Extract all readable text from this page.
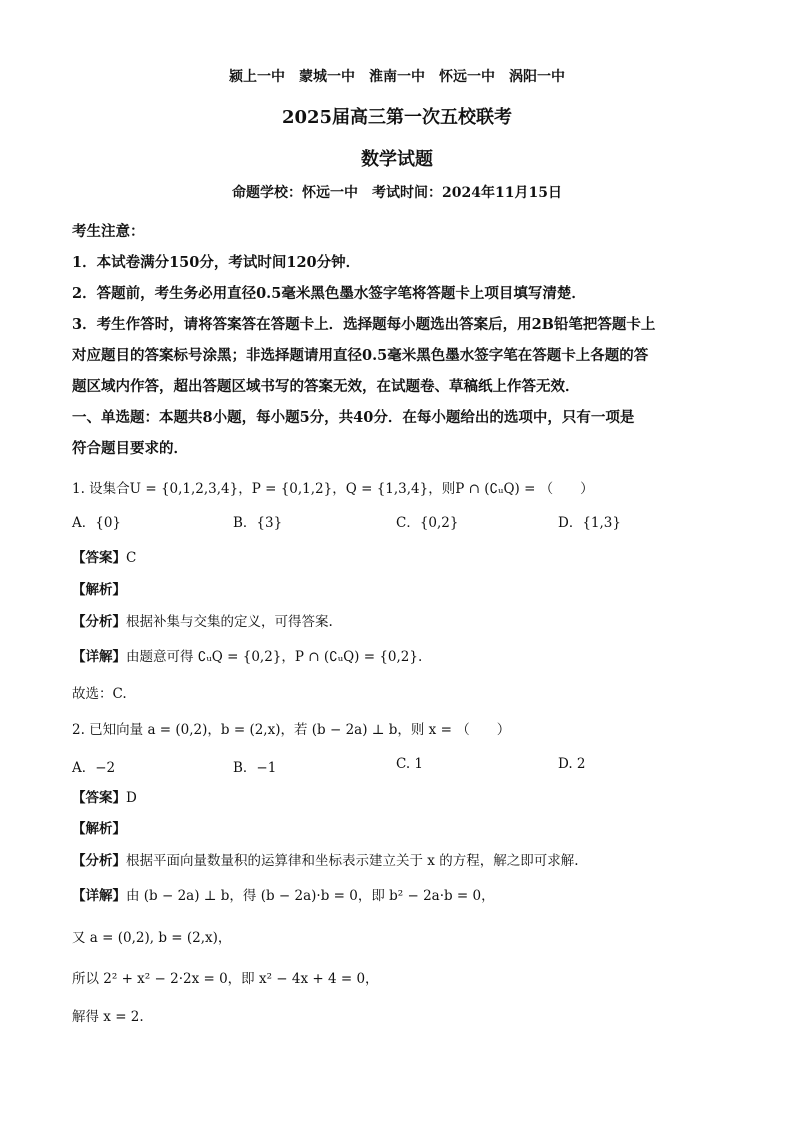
颍上一中 蒙城一中 淮南一中 怀远一中 涡阳一中
2025届高三第一次五校联考
数学试题
命题学校：怀远一中　考试时间：2024年11月15日
考生注意：
1．本试卷满分150分，考试时间120分钟．
2．答题前，考生务必用直径0.5毫米黑色墨水签字笔将答题卡上项目填写清楚．
3．考生作答时，请将答案答在答题卡上．选择题每小题选出答案后，用2B铅笔把答题卡上
对应题目的答案标号涂黑；非选择题请用直径0.5毫米黑色墨水签字笔在答题卡上各题的答
题区域内作答，超出答题区域书写的答案无效，在试题卷、草稿纸上作答无效．
一、单选题：本题共8小题，每小题5分，共40分．在每小题给出的选项中，只有一项是
符合题目要求的．
1. 设集合U = {0,1,2,3,4}，P = {0,1,2}，Q = {1,3,4}，则P ∩ (∁ᵤQ) = （　　）
A．{0}	B．{3}	C．{0,2}	D．{1,3}
【答案】C
【解析】
【分析】根据补集与交集的定义，可得答案.
【详解】由题意可得 ∁ᵤQ = {0,2}，P ∩ (∁ᵤQ) = {0,2}.
故选：C.
2. 已知向量 a = (0,2)，b = (2,x)，若 (b − 2a) ⊥ b，则 x = （　　）
A．−2	B．−1	C. 1	D. 2
【答案】D
【解析】
【分析】根据平面向量数量积的运算律和坐标表示建立关于 x 的方程，解之即可求解.
【详解】由 (b − 2a) ⊥ b，得 (b − 2a)·b = 0，即 b² − 2a·b = 0，
又 a = (0,2), b = (2,x)，
所以 2² + x² − 2·2x = 0，即 x² − 4x + 4 = 0，
解得 x = 2.
